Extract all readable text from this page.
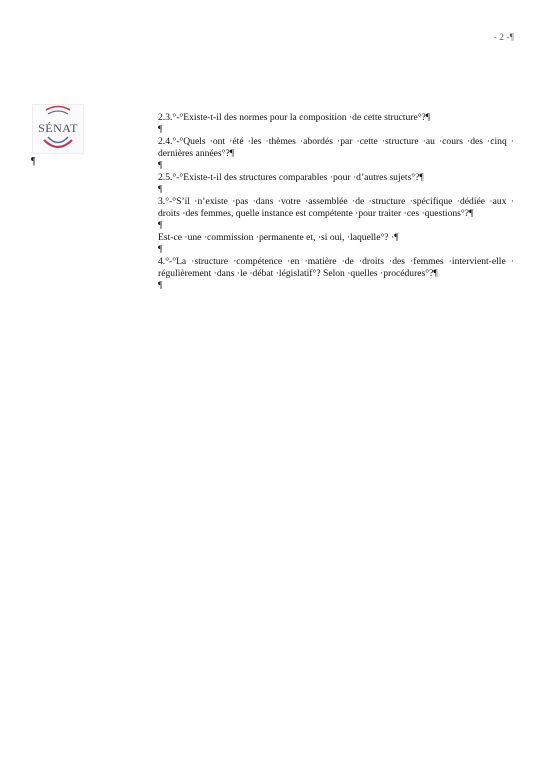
- 2 -¶
SÉNAT
¶

2.3.°-°Existe-t-il des normes pour la composition ·de cette structure°?¶

¶

2.4.°-°Quels ·ont ·été ·les ·thèmes ·abordés ·par ·cette ·structure ·au ·cours ·des ·cinq · dernières années°?¶

¶

2.5.°-°Existe-t-il des structures comparables ·pour ·d’autres sujets°?¶

¶

3.°-°S’il ·n’existe ·pas ·dans ·votre ·assemblée ·de ·structure ·spécifique ·dédiée ·aux · droits ·des femmes, quelle instance est compétente ·pour traiter ·ces ·questions°?¶

¶

Est-ce ·une ·commission ·permanente et, ·si oui, ·laquelle°? ·¶

¶

4.°-°La ·structure ·compétence ·en ·matière ·de ·droits ·des ·femmes ·intervient-elle · régulièrement ·dans ·le ·débat ·législatif°? Selon ·quelles ·procédures°?¶

¶
